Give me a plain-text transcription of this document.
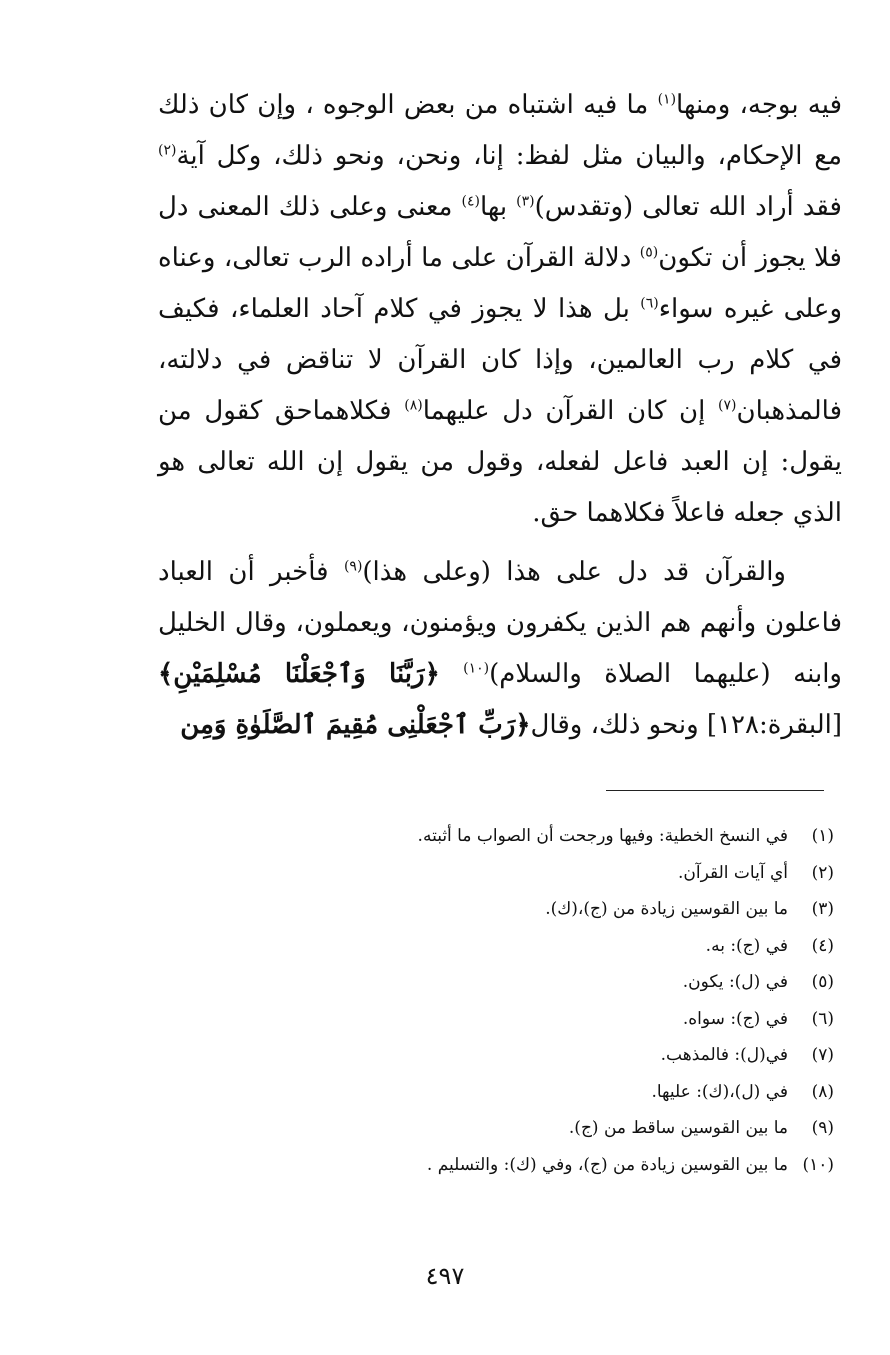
فيه بوجه، ومنها$^{(١)}$ ما فيه اشتباه من بعض الوجوه ، وإن كان ذلك مع الإحكام، والبيان مثل لفظ: إنا، ونحن، ونحو ذلك، وكل آية$^{(٢)}$ فقد أراد الله تعالى (وتقدس)$^{(٣)}$ بها$^{(٤)}$ معنى وعلى ذلك المعنى دل فلا يجوز أن تكون$^{(٥)}$ دلالة القرآن على ما أراده الرب تعالى، وعناه وعلى غيره سواء$^{(٦)}$ بل هذا لا يجوز في كلام آحاد العلماء، فكيف في كلام رب العالمين، وإذا كان القرآن لا تناقض في دلالته، فالمذهبان$^{(٧)}$ إن كان القرآن دل عليهما$^{(٨)}$ فكلاهماحق كقول من يقول: إن العبد فاعل لفعله، وقول من يقول إن الله تعالى هو الذي جعله فاعلاً فكلاهما حق.

والقرآن قد دل على هذا (وعلى هذا)$^{(٩)}$ فأخبر أن العباد فاعلون وأنهم هم الذين يكفرون ويؤمنون، ويعملون، وقال الخليل وابنه (عليهما الصلاة والسلام)$^{(١٠)}$ ﴿رَبَّنَا وَٱجْعَلْنَا مُسْلِمَيْنِ﴾ [البقرة:١٢٨] ونحو ذلك، وقال﴿رَبِّ ٱجْعَلْنِى مُقِيمَ ٱلصَّلَوٰةِ وَمِن

(١)
في النسخ الخطية: وفيها ورجحت أن الصواب ما أثبته.
(٢)
أي آيات القرآن.
(٣)
ما بين القوسين زيادة من (ج)،(ك).
(٤)
في (ج): به.
(٥)
في (ل): يكون.
(٦)
في (ج): سواه.
(٧)
في(ل): فالمذهب.
(٨)
في (ل)،(ك): عليها.
(٩)
ما بين القوسين ساقط من (ج).
(١٠)
ما بين القوسين زيادة من (ج)، وفي (ك): والتسليم .
٤٩٧
